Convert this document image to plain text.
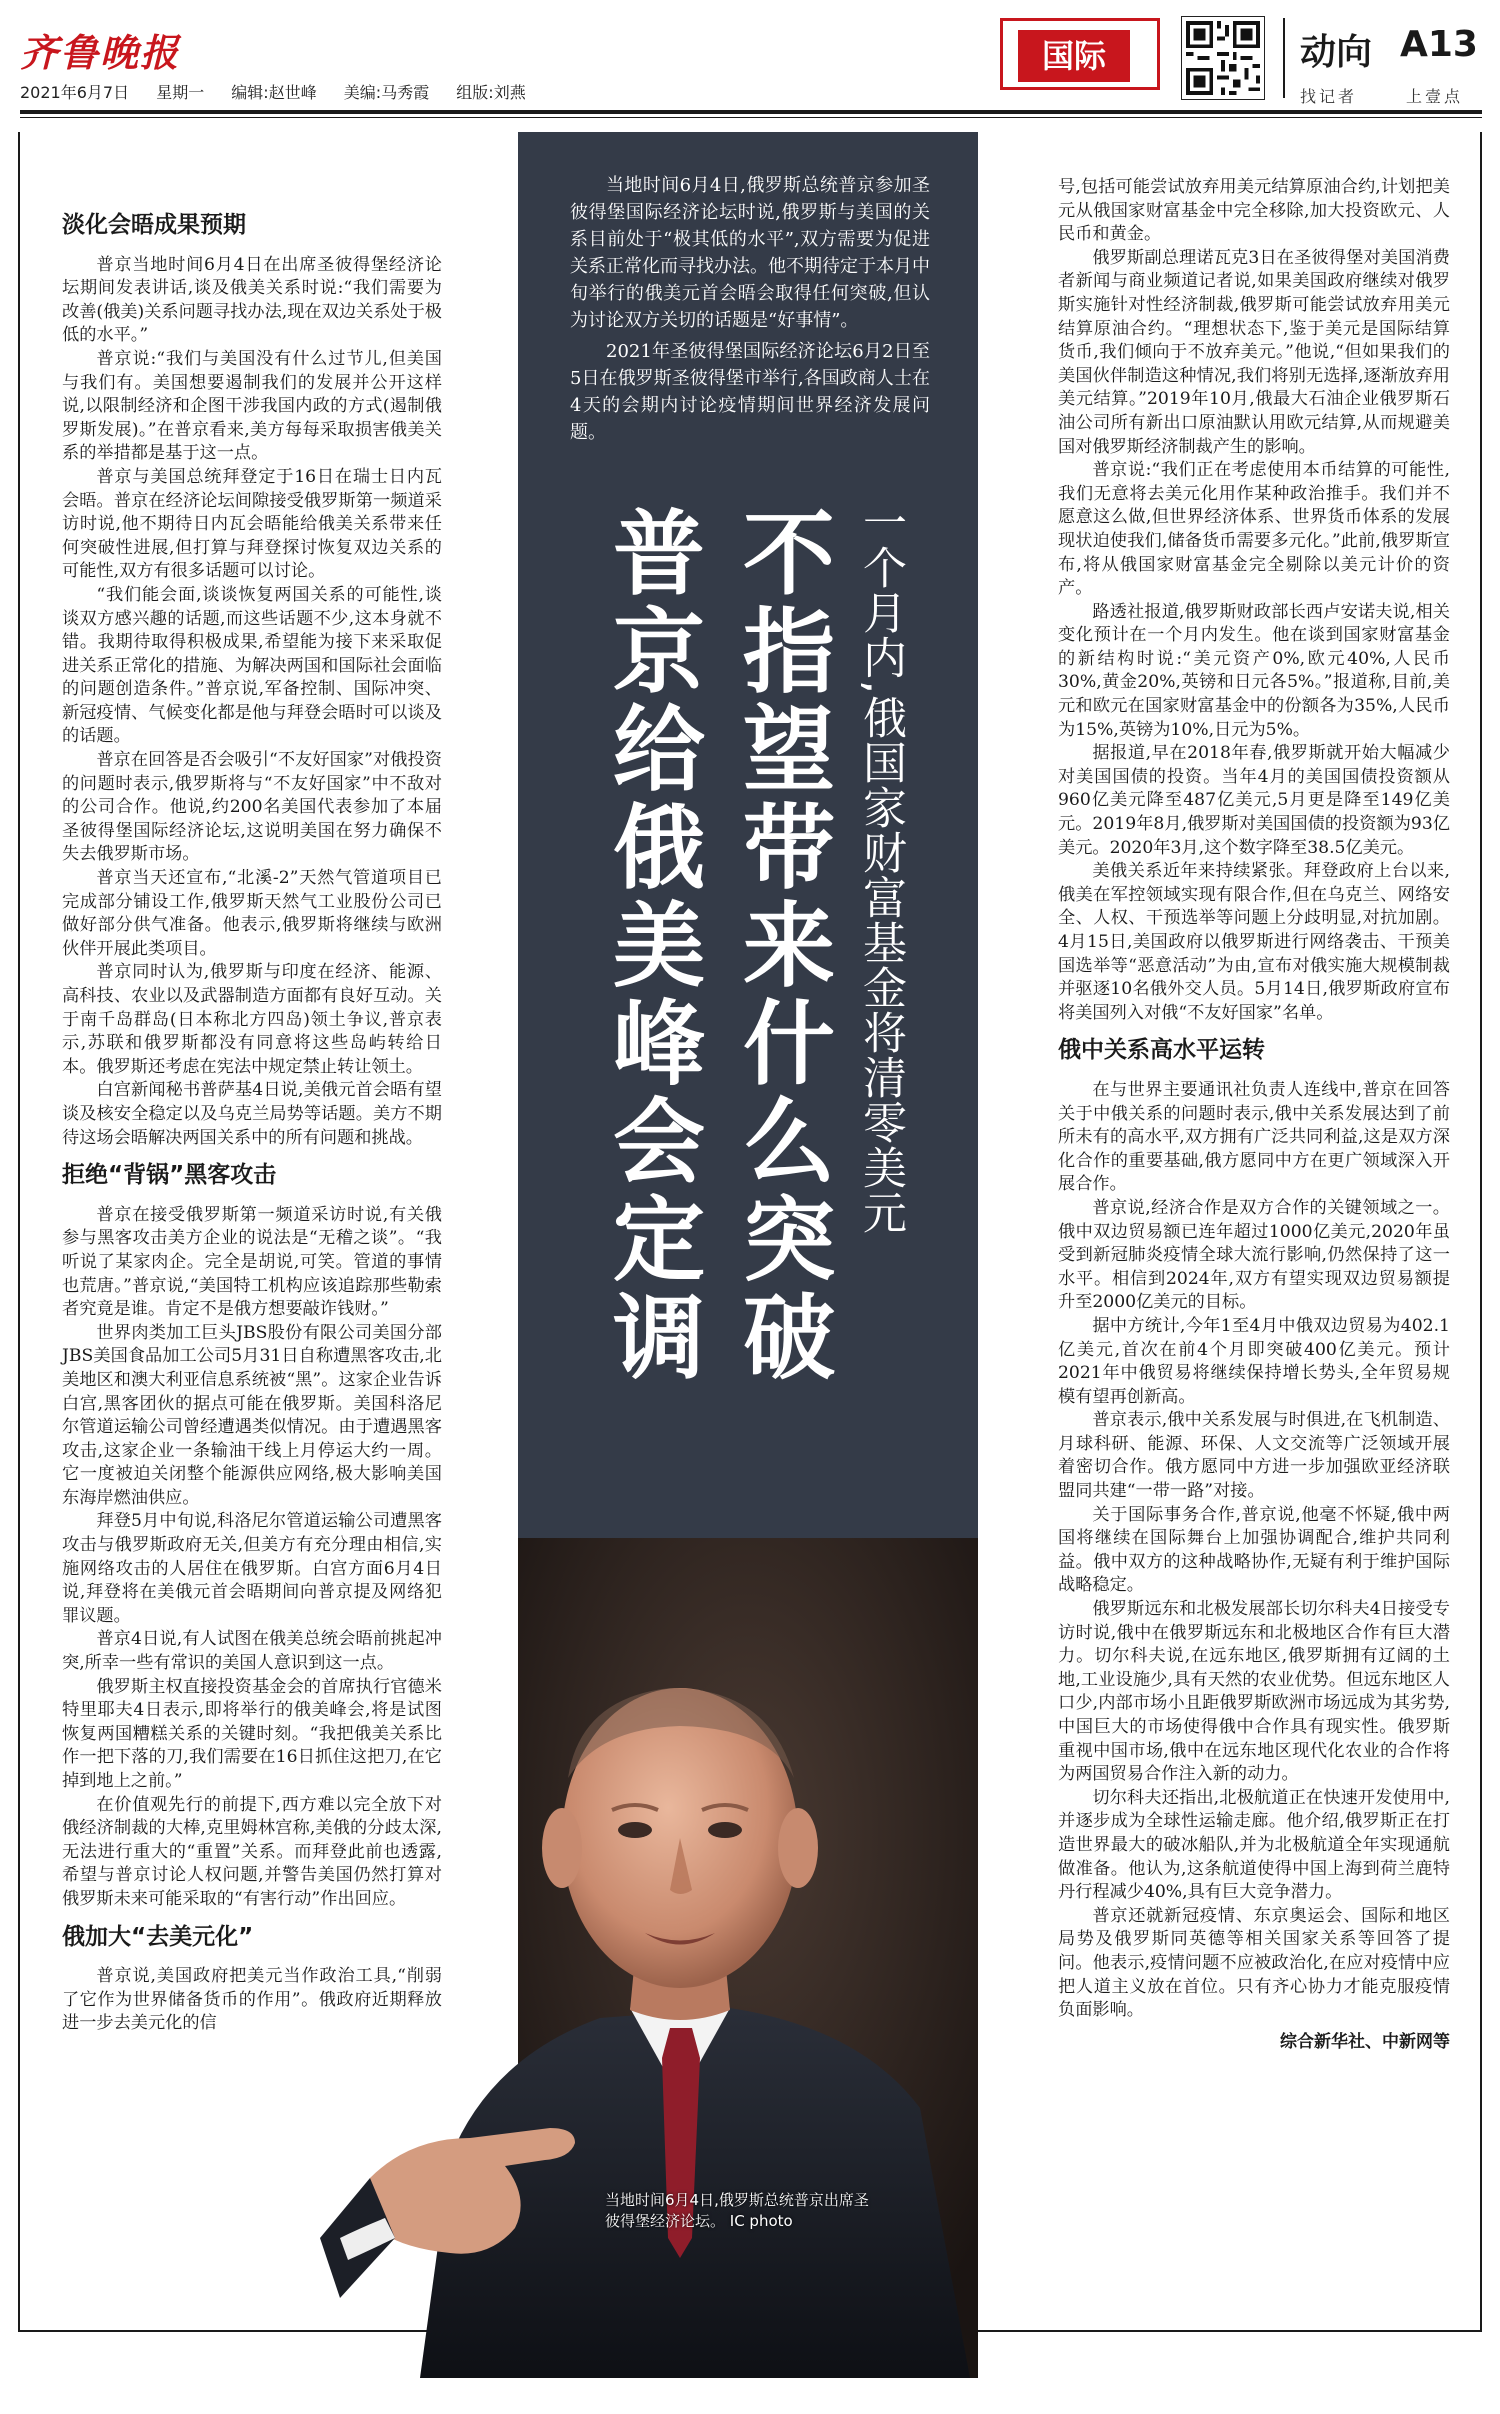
齐鲁晚报
2021年6月7日 星期一 编辑:赵世峰 美编:马秀霞 组版:刘燕
国际	动向 A13
找记者	上壹点

当地时间6月4日,俄罗斯总统普京参加圣彼得堡国际经济论坛时说,俄罗斯与美国的关系目前处于“极其低的水平”,双方需要为促进关系正常化而寻找办法。他不期待定于本月中旬举行的俄美元首会晤会取得任何突破,但认为讨论双方关切的话题是“好事情”。

2021年圣彼得堡国际经济论坛6月2日至5日在俄罗斯圣彼得堡市举行,各国政商人士在4天的会期内讨论疫情期间世界经济发展问题。

一个月内,俄国家财富基金将清零美元
不指望带来什么突破
普京给俄美峰会定调
当地时间6月4日,俄罗斯总统普京出席圣彼得堡经济论坛。 IC photo
淡化会晤成果预期

普京当地时间6月4日在出席圣彼得堡经济论坛期间发表讲话,谈及俄美关系时说:“我们需要为改善(俄美)关系问题寻找办法,现在双边关系处于极低的水平。”

普京说:“我们与美国没有什么过节儿,但美国与我们有。美国想要遏制我们的发展并公开这样说,以限制经济和企图干涉我国内政的方式(遏制俄罗斯发展)。”在普京看来,美方每每采取损害俄美关系的举措都是基于这一点。

普京与美国总统拜登定于16日在瑞士日内瓦会晤。普京在经济论坛间隙接受俄罗斯第一频道采访时说,他不期待日内瓦会晤能给俄美关系带来任何突破性进展,但打算与拜登探讨恢复双边关系的可能性,双方有很多话题可以讨论。

“我们能会面,谈谈恢复两国关系的可能性,谈谈双方感兴趣的话题,而这些话题不少,这本身就不错。我期待取得积极成果,希望能为接下来采取促进关系正常化的措施、为解决两国和国际社会面临的问题创造条件。”普京说,军备控制、国际冲突、新冠疫情、气候变化都是他与拜登会晤时可以谈及的话题。

普京在回答是否会吸引“不友好国家”对俄投资的问题时表示,俄罗斯将与“不友好国家”中不敌对的公司合作。他说,约200名美国代表参加了本届圣彼得堡国际经济论坛,这说明美国在努力确保不失去俄罗斯市场。

普京当天还宣布,“北溪-2”天然气管道项目已完成部分铺设工作,俄罗斯天然气工业股份公司已做好部分供气准备。他表示,俄罗斯将继续与欧洲伙伴开展此类项目。

普京同时认为,俄罗斯与印度在经济、能源、高科技、农业以及武器制造方面都有良好互动。关于南千岛群岛(日本称北方四岛)领土争议,普京表示,苏联和俄罗斯都没有同意将这些岛屿转给日本。俄罗斯还考虑在宪法中规定禁止转让领土。

白宫新闻秘书普萨基4日说,美俄元首会晤有望谈及核安全稳定以及乌克兰局势等话题。美方不期待这场会晤解决两国关系中的所有问题和挑战。

拒绝“背锅”黑客攻击

普京在接受俄罗斯第一频道采访时说,有关俄参与黑客攻击美方企业的说法是“无稽之谈”。“我听说了某家肉企。完全是胡说,可笑。管道的事情也荒唐。”普京说,“美国特工机构应该追踪那些勒索者究竟是谁。肯定不是俄方想要敲诈钱财。”

世界肉类加工巨头JBS股份有限公司美国分部JBS美国食品加工公司5月31日自称遭黑客攻击,北美地区和澳大利亚信息系统被“黑”。这家企业告诉白宫,黑客团伙的据点可能在俄罗斯。美国科洛尼尔管道运输公司曾经遭遇类似情况。由于遭遇黑客攻击,这家企业一条输油干线上月停运大约一周。它一度被迫关闭整个能源供应网络,极大影响美国东海岸燃油供应。

拜登5月中旬说,科洛尼尔管道运输公司遭黑客攻击与俄罗斯政府无关,但美方有充分理由相信,实施网络攻击的人居住在俄罗斯。白宫方面6月4日说,拜登将在美俄元首会晤期间向普京提及网络犯罪议题。

普京4日说,有人试图在俄美总统会晤前挑起冲突,所幸一些有常识的美国人意识到这一点。

俄罗斯主权直接投资基金会的首席执行官德米特里耶夫4日表示,即将举行的俄美峰会,将是试图恢复两国糟糕关系的关键时刻。“我把俄美关系比作一把下落的刀,我们需要在16日抓住这把刀,在它掉到地上之前。”

在价值观先行的前提下,西方难以完全放下对俄经济制裁的大棒,克里姆林宫称,美俄的分歧太深,无法进行重大的“重置”关系。而拜登此前也透露,希望与普京讨论人权问题,并警告美国仍然打算对俄罗斯未来可能采取的“有害行动”作出回应。

俄加大“去美元化”

普京说,美国政府把美元当作政治工具,“削弱了它作为世界储备货币的作用”。俄政府近期释放进一步去美元化的信

号,包括可能尝试放弃用美元结算原油合约,计划把美元从俄国家财富基金中完全移除,加大投资欧元、人民币和黄金。

俄罗斯副总理诺瓦克3日在圣彼得堡对美国消费者新闻与商业频道记者说,如果美国政府继续对俄罗斯实施针对性经济制裁,俄罗斯可能尝试放弃用美元结算原油合约。“理想状态下,鉴于美元是国际结算货币,我们倾向于不放弃美元。”他说,“但如果我们的美国伙伴制造这种情况,我们将别无选择,逐渐放弃用美元结算。”2019年10月,俄最大石油企业俄罗斯石油公司所有新出口原油默认用欧元结算,从而规避美国对俄罗斯经济制裁产生的影响。

普京说:“我们正在考虑使用本币结算的可能性,我们无意将去美元化用作某种政治推手。我们并不愿意这么做,但世界经济体系、世界货币体系的发展现状迫使我们,储备货币需要多元化。”此前,俄罗斯宣布,将从俄国家财富基金完全剔除以美元计价的资产。

路透社报道,俄罗斯财政部长西卢安诺夫说,相关变化预计在一个月内发生。他在谈到国家财富基金的新结构时说:“美元资产0%,欧元40%,人民币30%,黄金20%,英镑和日元各5%。”报道称,目前,美元和欧元在国家财富基金中的份额各为35%,人民币为15%,英镑为10%,日元为5%。

据报道,早在2018年春,俄罗斯就开始大幅减少对美国国债的投资。当年4月的美国国债投资额从960亿美元降至487亿美元,5月更是降至149亿美元。2019年8月,俄罗斯对美国国债的投资额为93亿美元。2020年3月,这个数字降至38.5亿美元。

美俄关系近年来持续紧张。拜登政府上台以来,俄美在军控领域实现有限合作,但在乌克兰、网络安全、人权、干预选举等问题上分歧明显,对抗加剧。4月15日,美国政府以俄罗斯进行网络袭击、干预美国选举等“恶意活动”为由,宣布对俄实施大规模制裁并驱逐10名俄外交人员。5月14日,俄罗斯政府宣布将美国列入对俄“不友好国家”名单。

俄中关系高水平运转

在与世界主要通讯社负责人连线中,普京在回答关于中俄关系的问题时表示,俄中关系发展达到了前所未有的高水平,双方拥有广泛共同利益,这是双方深化合作的重要基础,俄方愿同中方在更广领域深入开展合作。

普京说,经济合作是双方合作的关键领域之一。俄中双边贸易额已连年超过1000亿美元,2020年虽受到新冠肺炎疫情全球大流行影响,仍然保持了这一水平。相信到2024年,双方有望实现双边贸易额提升至2000亿美元的目标。

据中方统计,今年1至4月中俄双边贸易为402.1亿美元,首次在前4个月即突破400亿美元。预计2021年中俄贸易将继续保持增长势头,全年贸易规模有望再创新高。

普京表示,俄中关系发展与时俱进,在飞机制造、月球科研、能源、环保、人文交流等广泛领域开展着密切合作。俄方愿同中方进一步加强欧亚经济联盟同共建“一带一路”对接。

关于国际事务合作,普京说,他毫不怀疑,俄中两国将继续在国际舞台上加强协调配合,维护共同利益。俄中双方的这种战略协作,无疑有利于维护国际战略稳定。

俄罗斯远东和北极发展部长切尔科夫4日接受专访时说,俄中在俄罗斯远东和北极地区合作有巨大潜力。切尔科夫说,在远东地区,俄罗斯拥有辽阔的土地,工业设施少,具有天然的农业优势。但远东地区人口少,内部市场小且距俄罗斯欧洲市场远成为其劣势,中国巨大的市场使得俄中合作具有现实性。俄罗斯重视中国市场,俄中在远东地区现代化农业的合作将为两国贸易合作注入新的动力。

切尔科夫还指出,北极航道正在快速开发使用中,并逐步成为全球性运输走廊。他介绍,俄罗斯正在打造世界最大的破冰船队,并为北极航道全年实现通航做准备。他认为,这条航道使得中国上海到荷兰鹿特丹行程减少40%,具有巨大竞争潜力。

普京还就新冠疫情、东京奥运会、国际和地区局势及俄罗斯同英德等相关国家关系等回答了提问。他表示,疫情问题不应被政治化,在应对疫情中应把人道主义放在首位。只有齐心协力才能克服疫情负面影响。

综合新华社、中新网等
